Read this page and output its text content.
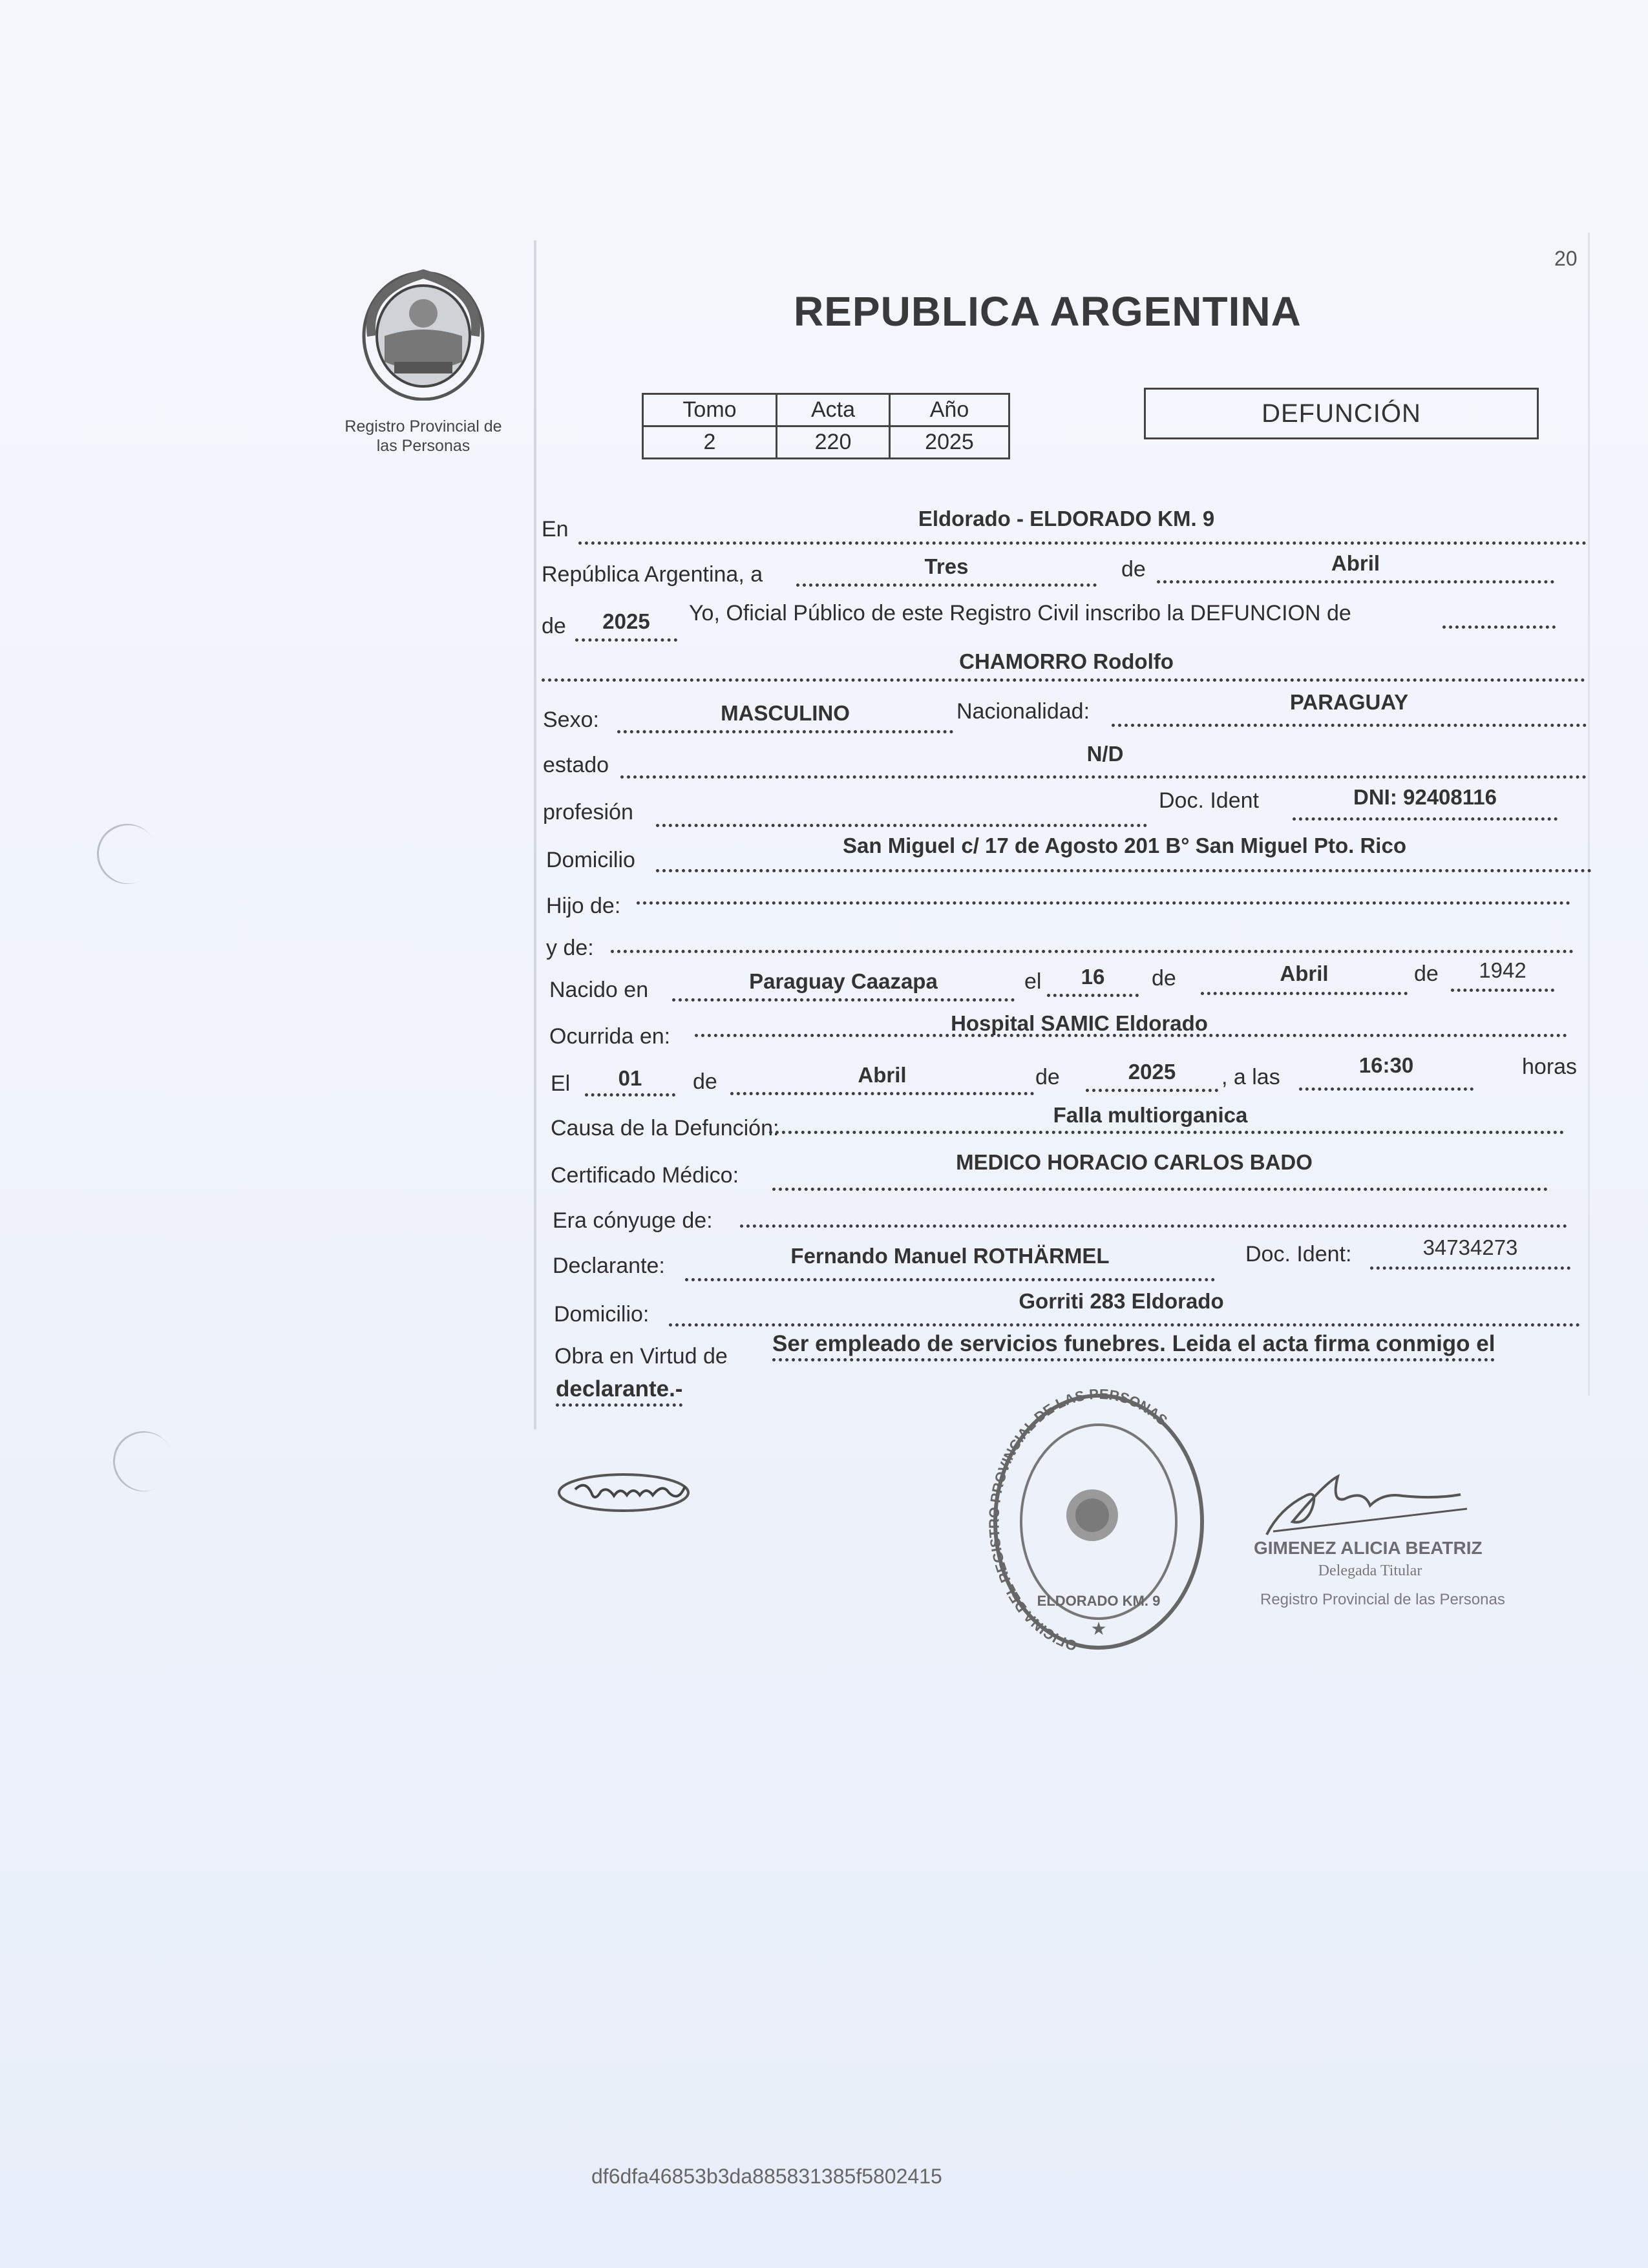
20
Registro Provincial de
las Personas
REPUBLICA ARGENTINA
Tomo	Acta	Año
2	220	2025
DEFUNCIÓN
En	Eldorado - ELDORADO KM. 9
República Argentina, a	Tres	de	Abril
de	2025	Yo, Oficial Público de este Registro Civil inscribo la DEFUNCION de
CHAMORRO Rodolfo
Sexo:	MASCULINO	Nacionalidad:	PARAGUAY
estado	N/D
profesión	Doc. Ident	DNI: 92408116
Domicilio
San Miguel c/ 17 de Agosto 201 B° San Miguel Pto. Rico
Hijo de:
y de:
Nacido en	Paraguay Caazapa	el	16	de	Abril	de	1942
Ocurrida en:
Hospital SAMIC Eldorado
El	01	de	Abril	de	2025	, a las	16:30	horas
Causa de la Defunción:
Falla multiorganica
Certificado Médico:
MEDICO HORACIO CARLOS BADO
Era cónyuge de:
Declarante:	Fernando Manuel ROTHÄRMEL	Doc. Ident:	34734273
Domicilio:
Gorriti 283 Eldorado
Obra en Virtud de Ser empleado de servicios funebres. Leida el acta firma conmigo el
declarante.-
OFICINA DEL REGI PROVINCIAL DE LAS PERSONAS
ELDORADO KM. 9
★
GIMENEZ ALICIA BEATRIZ
Delegada Titular
Registro Provincial de las Personas
df6dfa46853b3da885831385f5802415
